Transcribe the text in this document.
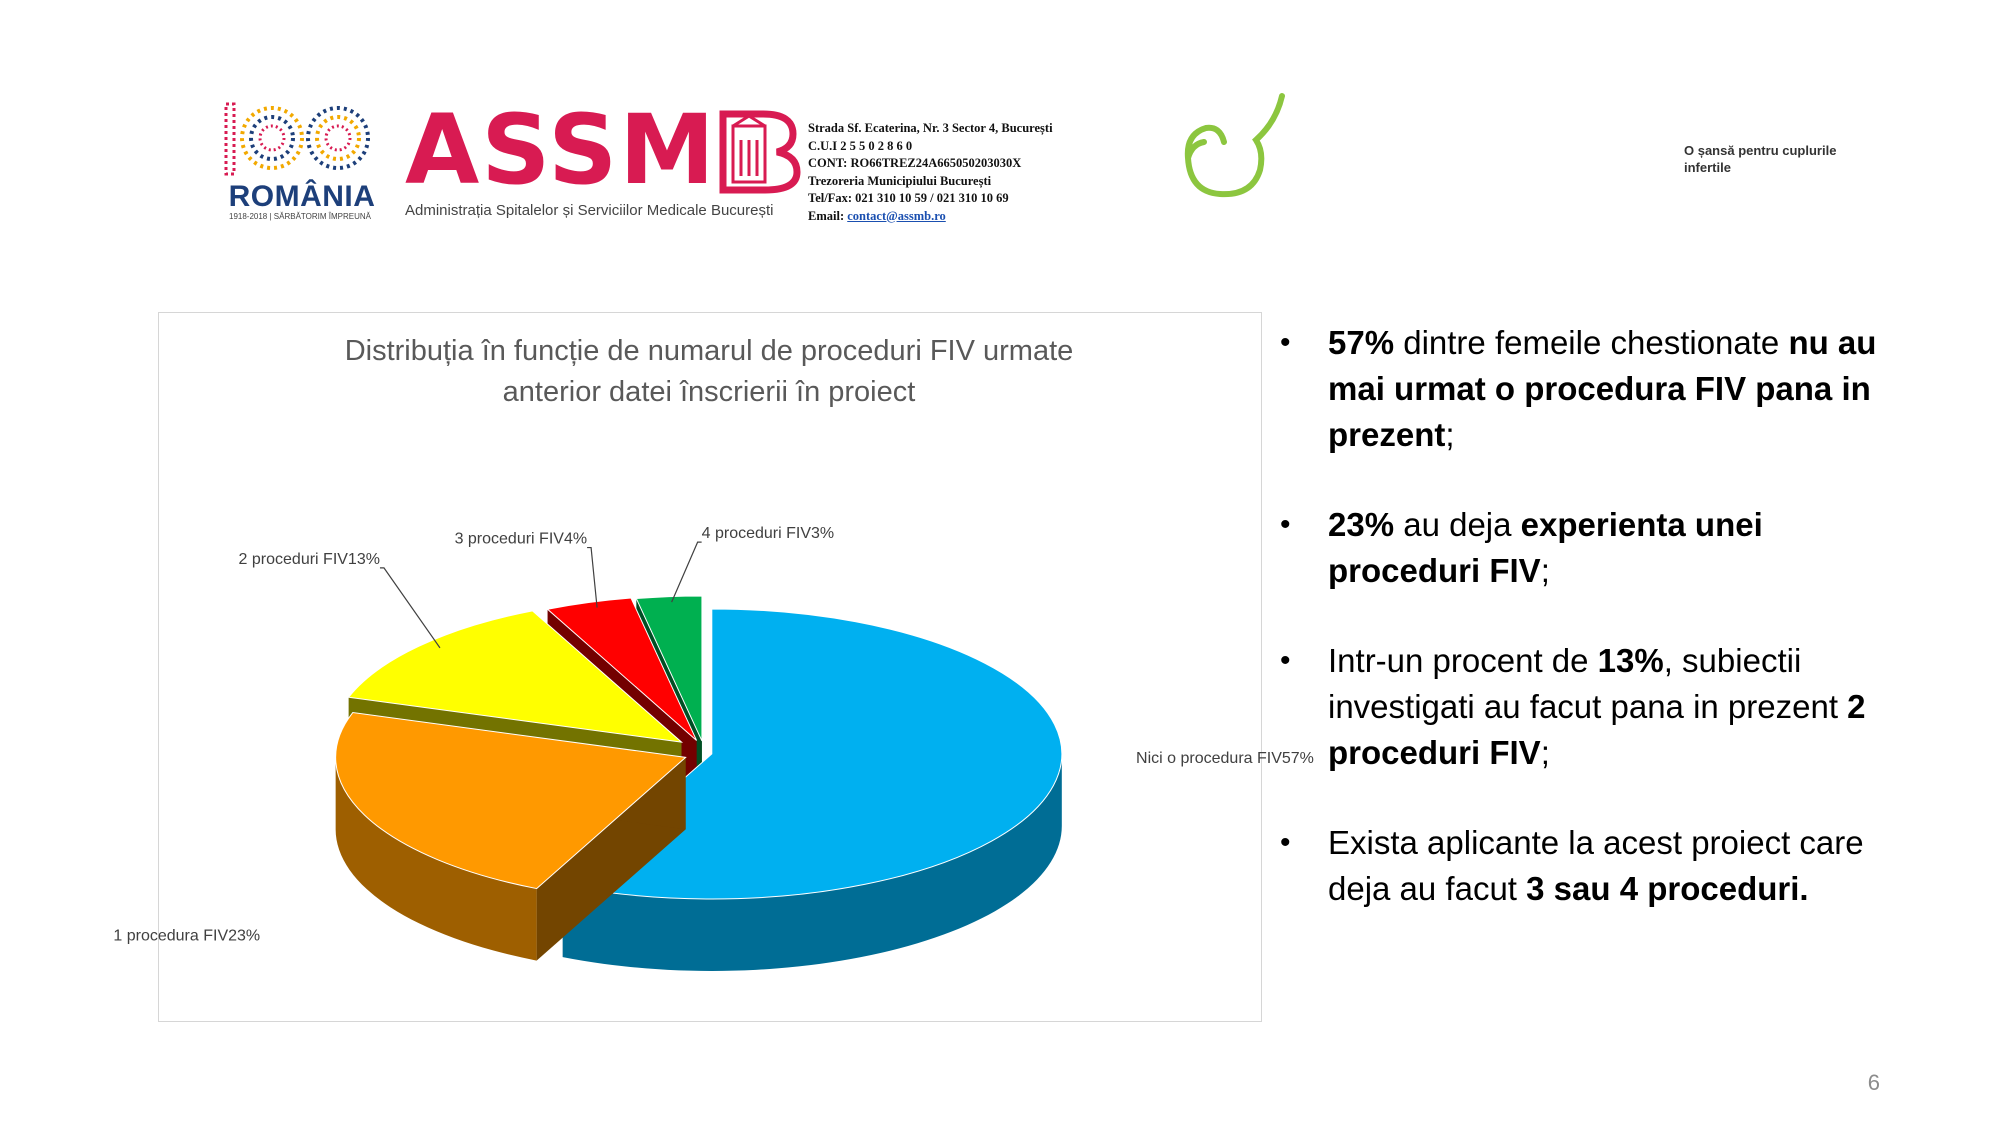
ROMÂNIA
1918-2018 | SĂRBĂTORIM ÎMPREUNĂ
ASSM
Administrația Spitalelor și Serviciilor Medicale București
Strada Sf. Ecaterina, Nr. 3 Sector 4, București
C.U.I 2 5 5 0 2 8 6 0
CONT: RO66TREZ24A665050203030X
Trezoreria Municipiului București
Tel/Fax: 021 310 10 59 / 021 310 10 69
Email: contact@assmb.ro
O șansă pentru cuplurile infertile
Distribuția în funcție de numarul de proceduri FIV urmate
anterior datei înscrierii în proiect
Nici o procedura FIV57%
1 procedura FIV23%
2 proceduri FIV13%
3 proceduri FIV4%	4 proceduri FIV3%
• 57% dintre femeile chestionate nu au mai urmat o procedura FIV pana in prezent;
• 23% au deja experienta unei proceduri FIV;
• Intr-un procent de 13%, subiectii investigati au facut pana in prezent 2 proceduri FIV;
• Exista aplicante la acest proiect care deja au facut 3 sau 4 proceduri.
6
